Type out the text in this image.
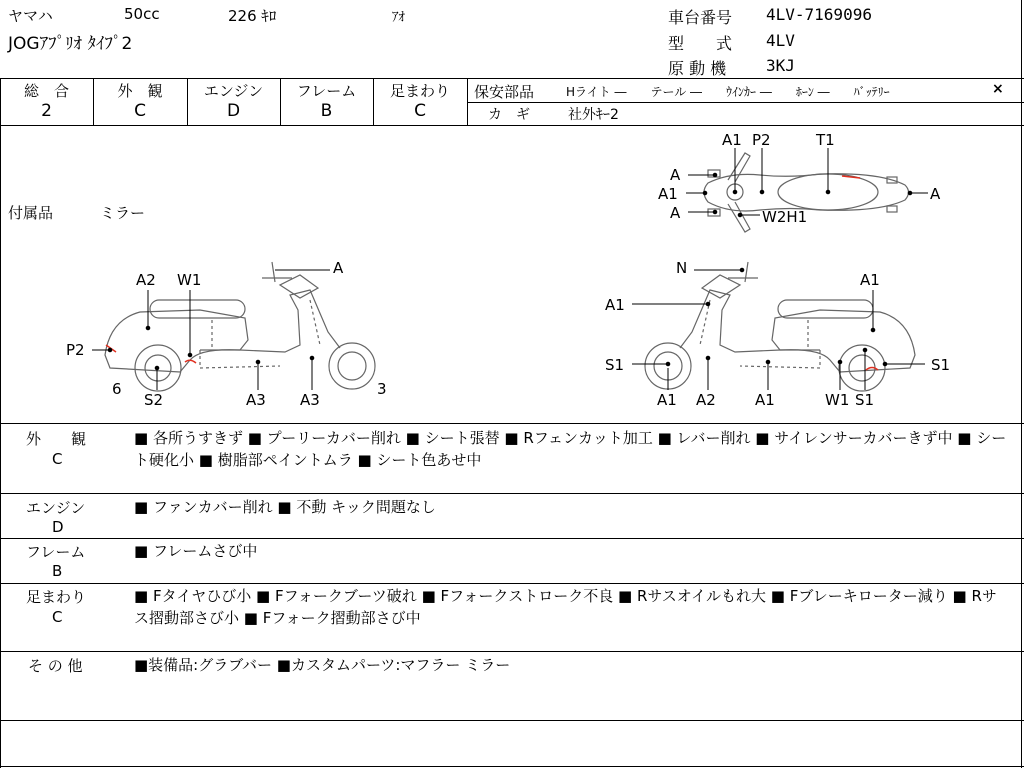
ヤマハ	50cc	226 ｷﾛ	ｱｵ
JOGｱﾌﾟﾘｵ ﾀｲﾌﾟ2
車台番号 4LV-7169096
型　　式 4LV
原 動 機 3KJ
総　合
2
外　観
C
エンジン
D
フレーム
B
足まわり
C
保安部品	Hライト ―　　テール ―　　ｳｲﾝｶｰ ―　　ﾎｰﾝ ―　　ﾊﾞｯﾃﾘｰ	×
カ　ギ	社外ｷｰ2
付属品	ミラー
A1 P2	T1
A
A1	A
A	W2H1
A2 W1
A
P2
6
S2	A3 A3
3
N
A1
A1
S1	S1
A1 A2	A1	W1 S1
外　　観
C
■ 各所うすきず ■ プーリーカバー削れ ■ シート張替 ■ Rフェンカット加工 ■ レバー削れ ■ サイレンサーカバーきず中 ■ シート硬化小 ■ 樹脂部ペイントムラ ■ シート色あせ中
エンジン
D
■ ファンカバー削れ ■ 不動 キック問題なし
フレーム
B
■ フレームさび中
足まわり
C
■ Fタイヤひび小 ■ Fフォークブーツ破れ ■ Fフォークストローク不良 ■ Rサスオイルもれ大 ■ Fブレーキローター減り ■ Rサス摺動部さび小 ■ Fフォーク摺動部さび中
そ の 他	■装備品:グラブバー ■カスタムパーツ:マフラー ミラー
